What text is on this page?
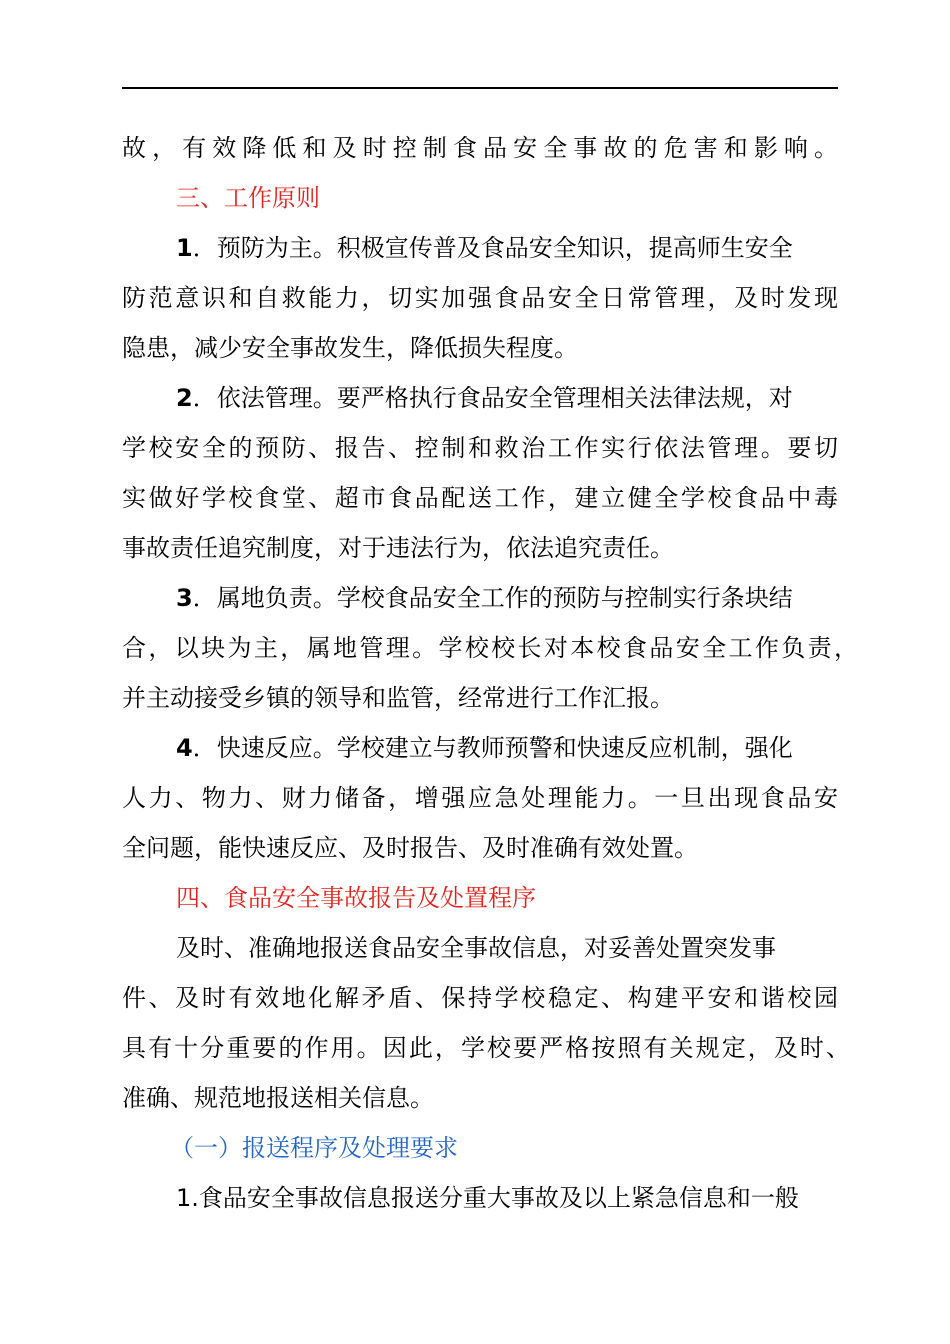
故，有效降低和及时控制食品安全事故的危害和影响。
三、工作原则
1．预防为主。积极宣传普及食品安全知识，提高师生安全
防范意识和自救能力，切实加强食品安全日常管理，及时发现
隐患，减少安全事故发生，降低损失程度。
2．依法管理。要严格执行食品安全管理相关法律法规，对
学校安全的预防、报告、控制和救治工作实行依法管理。要切
实做好学校食堂、超市食品配送工作，建立健全学校食品中毒
事故责任追究制度，对于违法行为，依法追究责任。
3．属地负责。学校食品安全工作的预防与控制实行条块结
合，以块为主，属地管理。学校校长对本校食品安全工作负责，
并主动接受乡镇的领导和监管，经常进行工作汇报。
4．快速反应。学校建立与教师预警和快速反应机制，强化
人力、物力、财力储备，增强应急处理能力。一旦出现食品安
全问题，能快速反应、及时报告、及时准确有效处置。
四、食品安全事故报告及处置程序
及时、准确地报送食品安全事故信息，对妥善处置突发事
件、及时有效地化解矛盾、保持学校稳定、构建平安和谐校园
具有十分重要的作用。因此，学校要严格按照有关规定，及时、
准确、规范地报送相关信息。
（一）报送程序及处理要求
1.食品安全事故信息报送分重大事故及以上紧急信息和一般
